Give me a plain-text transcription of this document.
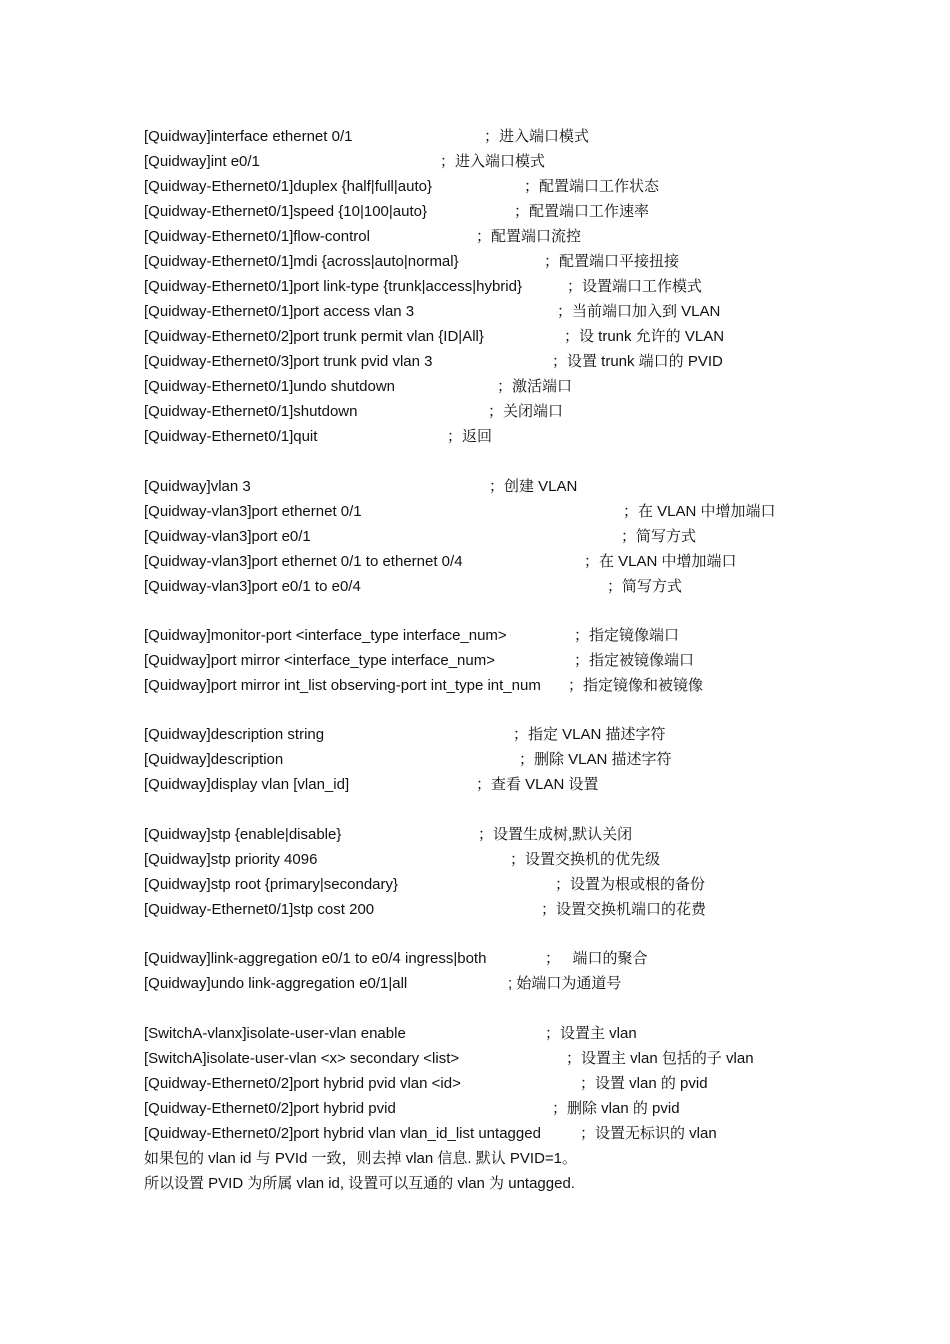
[Quidway]interface ethernet 0/1	；进入端口模式
[Quidway]int e0/1	；进入端口模式
[Quidway-Ethernet0/1]duplex {half|full|auto}	；配置端口工作状态
[Quidway-Ethernet0/1]speed {10|100|auto}	；配置端口工作速率
[Quidway-Ethernet0/1]flow-control	；配置端口流控
[Quidway-Ethernet0/1]mdi {across|auto|normal}	；配置端口平接扭接
[Quidway-Ethernet0/1]port link-type {trunk|access|hybrid}	；设置端口工作模式
[Quidway-Ethernet0/1]port access vlan 3	；当前端口加入到 VLAN
[Quidway-Ethernet0/2]port trunk permit vlan {ID|All}	；设 trunk 允许的 VLAN
[Quidway-Ethernet0/3]port trunk pvid vlan 3	；设置 trunk 端口的 PVID
[Quidway-Ethernet0/1]undo shutdown	；激活端口
[Quidway-Ethernet0/1]shutdown	；关闭端口
[Quidway-Ethernet0/1]quit	；返回
[Quidway]vlan 3	；创建 VLAN
[Quidway-vlan3]port ethernet 0/1	；在 VLAN 中增加端口
[Quidway-vlan3]port e0/1	；简写方式
[Quidway-vlan3]port ethernet 0/1 to ethernet 0/4	；在 VLAN 中增加端口
[Quidway-vlan3]port e0/1 to e0/4	；简写方式
[Quidway]monitor-port <interface_type interface_num>	；指定镜像端口
[Quidway]port mirror <interface_type interface_num>	；指定被镜像端口
[Quidway]port mirror int_list observing-port int_type int_num ；指定镜像和被镜像
[Quidway]description string	；指定 VLAN 描述字符
[Quidway]description	；删除 VLAN 描述字符
[Quidway]display vlan [vlan_id]	；查看 VLAN 设置
[Quidway]stp {enable|disable}	；设置生成树,默认关闭
[Quidway]stp priority 4096	；设置交换机的优先级
[Quidway]stp root {primary|secondary}	；设置为根或根的备份
[Quidway-Ethernet0/1]stp cost 200	；设置交换机端口的花费
[Quidway]link-aggregation e0/1 to e0/4 ingress|both	；   端口的聚合
[Quidway]undo link-aggregation e0/1|all	; 始端口为通道号
[SwitchA-vlanx]isolate-user-vlan enable	；设置主 vlan
[SwitchA]isolate-user-vlan <x> secondary <list>	；设置主 vlan 包括的子 vlan
[Quidway-Ethernet0/2]port hybrid pvid vlan <id>	；设置 vlan 的 pvid
[Quidway-Ethernet0/2]port hybrid pvid	；删除 vlan 的 pvid
[Quidway-Ethernet0/2]port hybrid vlan vlan_id_list untagged	；设置无标识的 vlan
如果包的 vlan id 与 PVId 一致，则去掉 vlan 信息. 默认 PVID=1。
所以设置 PVID 为所属 vlan id, 设置可以互通的 vlan 为 untagged.
